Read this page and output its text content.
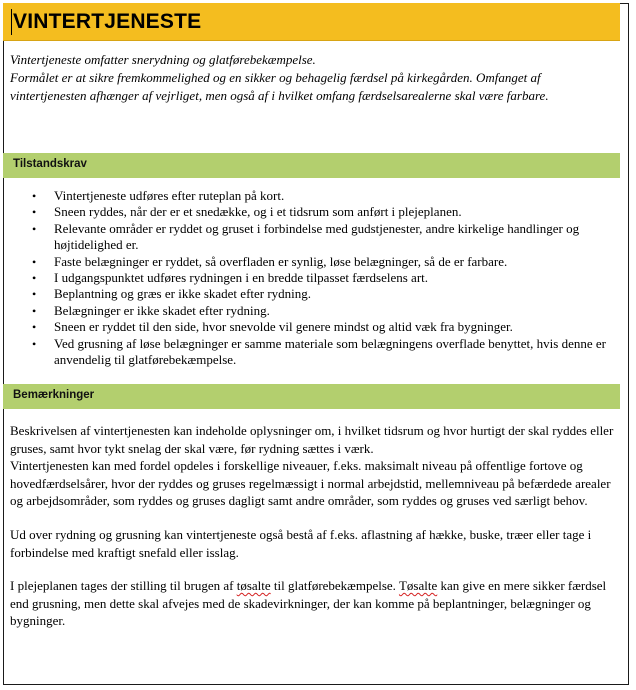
VINTERTJENESTE

Vintertjeneste omfatter snerydning og glatførebekæmpelse.

Formålet er at sikre fremkommelighed og en sikker og behagelig færdsel på kirkegården. Omfanget af vintertjenesten afhænger af vejrliget, men også af i hvilket omfang færdselsarealerne skal være farbare.

Tilstandskrav
• Vintertjeneste udføres efter ruteplan på kort.
• Sneen ryddes, når der er et snedække, og i et tidsrum som anført i plejeplanen.
• Relevante områder er ryddet og gruset i forbindelse med gudstjenester, andre kirkelige handlinger og højtidelighed er.
• Faste belægninger er ryddet, så overfladen er synlig, løse belægninger, så de er farbare.
• I udgangspunktet udføres rydningen i en bredde tilpasset færdselens art.
• Beplantning og græs er ikke skadet efter rydning.
• Belægninger er ikke skadet efter rydning.
• Sneen er ryddet til den side, hvor snevolde vil genere mindst og altid væk fra bygninger.
• Ved grusning af løse belægninger er samme materiale som belægningens overflade benyttet, hvis denne er anvendelig til glatførebekæmpelse.
Bemærkninger

Beskrivelsen af vintertjenesten kan indeholde oplysninger om, i hvilket tidsrum og hvor hurtigt der skal ryddes eller gruses, samt hvor tykt snelag der skal være, før rydning sættes i værk.

Vintertjenesten kan med fordel opdeles i forskellige niveauer, f.eks. maksimalt niveau på offentlige fortove og hovedfærdselsårer, hvor der ryddes og gruses regelmæssigt i normal arbejdstid, mellemniveau på befærdede arealer og arbejdsområder, som ryddes og gruses dagligt samt andre områder, som ryddes og gruses ved særligt behov.

Ud over rydning og grusning kan vintertjeneste også bestå af f.eks. aflastning af hække, buske, træer eller tage i forbindelse med kraftigt snefald eller isslag.

I plejeplanen tages der stilling til brugen af tøsalte til glatførebekæmpelse. Tøsalte kan give en mere sikker færdsel end grusning, men dette skal afvejes med de skadevirkninger, der kan komme på beplantninger, belægninger og bygninger.
